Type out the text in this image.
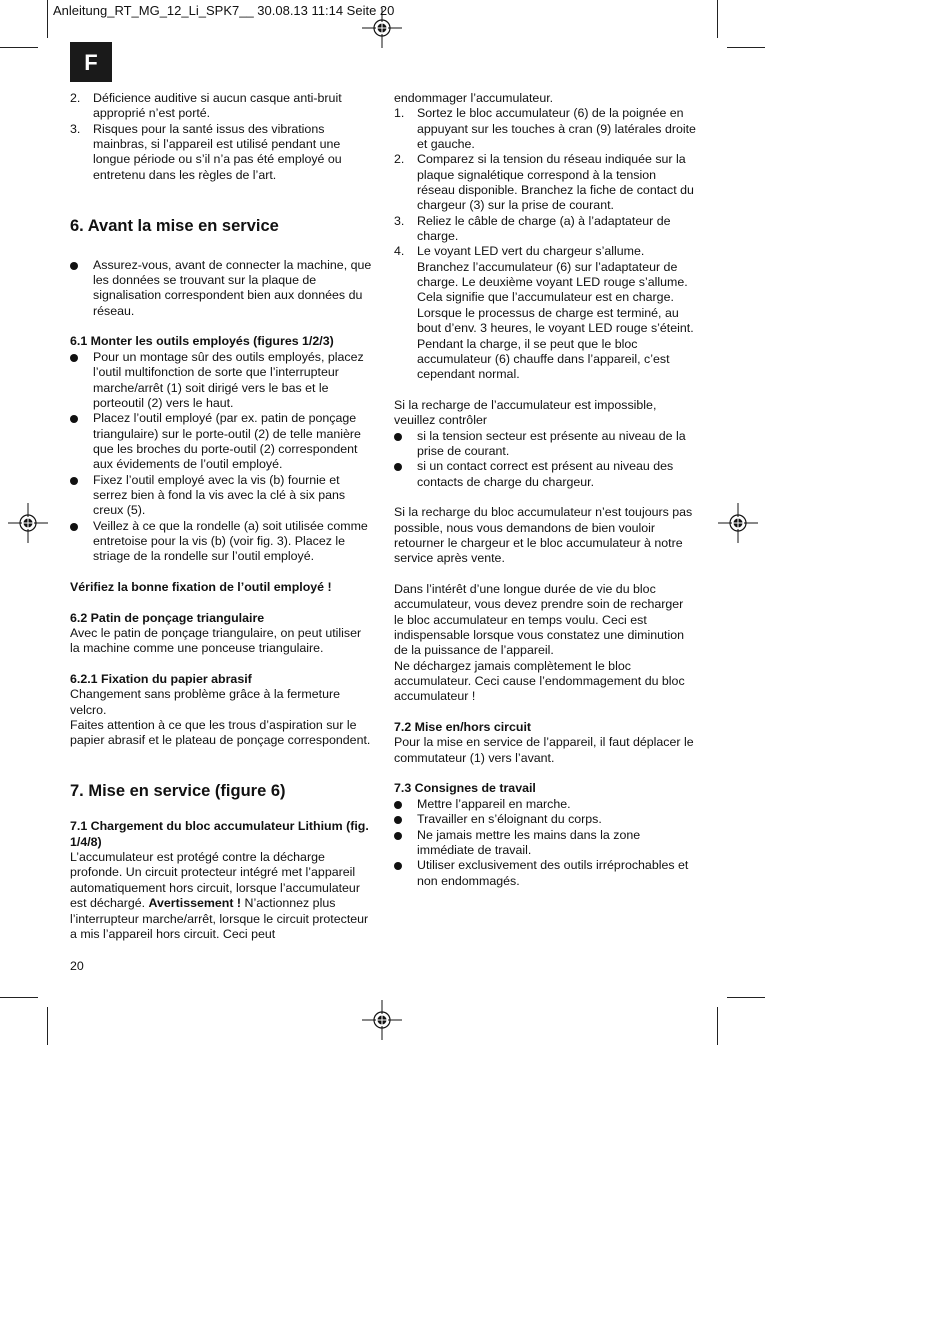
Anleitung_RT_MG_12_Li_SPK7__ 30.08.13 11:14 Seite 20
F
2. Déficience auditive si aucun casque anti-bruit approprié n’est porté.

3. Risques pour la santé issus des vibrations mainbras, si l’appareil est utilisé pendant une longue période ou s’il n’a pas été employé ou entretenu dans les règles de l’art.

6. Avant la mise en service

Assurez-vous, avant de connecter la machine, que les données se trouvant sur la plaque de signalisation correspondent bien aux données du réseau.

6.1 Monter les outils employés (figures 1/2/3)

Pour un montage sûr des outils employés, placez l’outil multifonction de sorte que l’interrupteur marche/arrêt (1) soit dirigé vers le bas et le porteoutil (2) vers le haut.

Placez l’outil employé (par ex. patin de ponçage triangulaire) sur le porte-outil (2) de telle manière que les broches du porte-outil (2) correspondent aux évidements de l’outil employé.

Fixez l’outil employé avec la vis (b) fournie et serrez bien à fond la vis avec la clé à six pans creux (5).

Veillez à ce que la rondelle (a) soit utilisée comme entretoise pour la vis (b) (voir fig. 3). Placez le striage de la rondelle sur l’outil employé.

Vérifiez la bonne fixation de l’outil employé !

6.2 Patin de ponçage triangulaire

Avec le patin de ponçage triangulaire, on peut utiliser la machine comme une ponceuse triangulaire.

6.2.1 Fixation du papier abrasif

Changement sans problème grâce à la fermeture velcro.

Faites attention à ce que les trous d’aspiration sur le papier abrasif et le plateau de ponçage correspondent.

7. Mise en service (figure 6)

7.1 Chargement du bloc accumulateur Lithium (fig. 1/4/8)

L’accumulateur est protégé contre la décharge profonde. Un circuit protecteur intégré met l’appareil automatiquement hors circuit, lorsque l’accumulateur est déchargé. Avertissement ! N’actionnez plus l’interrupteur marche/arrêt, lorsque le circuit protecteur a mis l’appareil hors circuit. Ceci peut

endommager l’accumulateur.

1. Sortez le bloc accumulateur (6) de la poignée en appuyant sur les touches à cran (9) latérales droite et gauche.

2. Comparez si la tension du réseau indiquée sur la plaque signalétique correspond à la tension réseau disponible. Branchez la fiche de contact du chargeur (3) sur la prise de courant.

3. Reliez le câble de charge (a) à l’adaptateur de charge.

4. Le voyant LED vert du chargeur s’allume. Branchez l’accumulateur (6) sur l’adaptateur de charge. Le deuxième voyant LED rouge s’allume. Cela signifie que l’accumulateur est en charge. Lorsque le processus de charge est terminé, au bout d’env. 3 heures, le voyant LED rouge s’éteint. Pendant la charge, il se peut que le bloc accumulateur (6) chauffe dans l’appareil, c’est cependant normal.

Si la recharge de l’accumulateur est impossible, veuillez contrôler

si la tension secteur est présente au niveau de la prise de courant.

si un contact correct est présent au niveau des contacts de charge du chargeur.

Si la recharge du bloc accumulateur n’est toujours pas possible, nous vous demandons de bien vouloir retourner le chargeur et le bloc accumulateur à notre service après vente.

Dans l’intérêt d’une longue durée de vie du bloc accumulateur, vous devez prendre soin de recharger le bloc accumulateur en temps voulu. Ceci est indispensable lorsque vous constatez une diminution de la puissance de l’appareil.

Ne déchargez jamais complètement le bloc accumulateur. Ceci cause l’endommagement du bloc accumulateur !

7.2 Mise en/hors circuit

Pour la mise en service de l’appareil, il faut déplacer le commutateur (1) vers l’avant.

7.3 Consignes de travail

Mettre l’appareil en marche.

Travailler en s’éloignant du corps.

Ne jamais mettre les mains dans la zone immédiate de travail.

Utiliser exclusivement des outils irréprochables et non endommagés.

20
